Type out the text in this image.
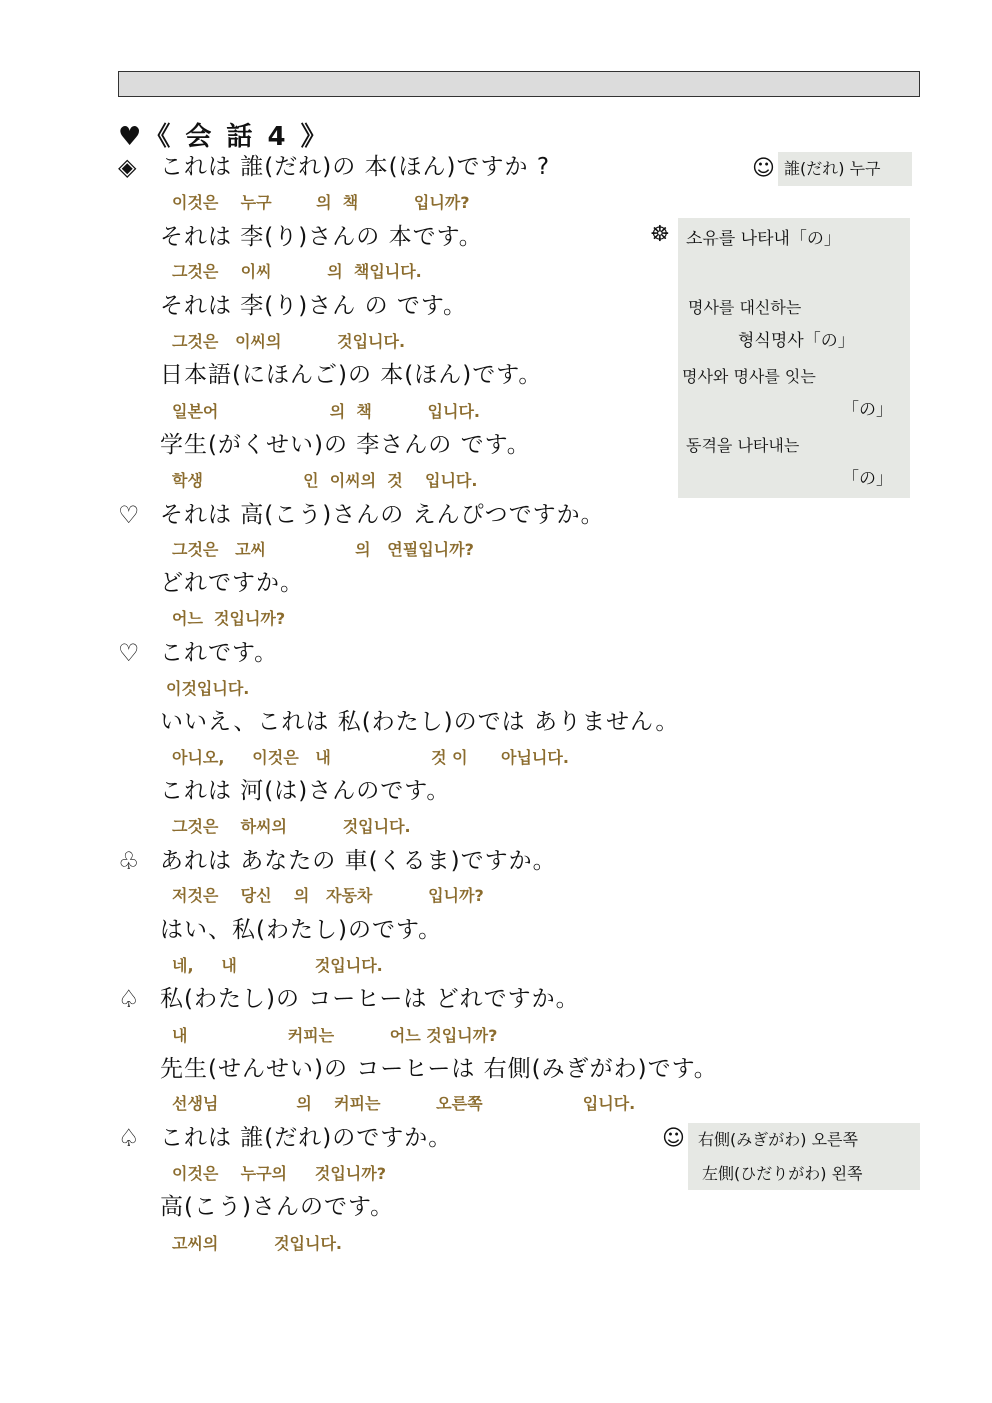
♥《 会 話 4 》
◈ これは 誰(だれ)の 本(ほん)ですか ?
이것은    누구        의  책          입니까?
それは 李(り)さんの 本です。
그것은    이씨          의  책입니다.
それは 李(り)さん の です。
그것은   이씨의          것입니다.
日本語(にほんご)の 本(ほん)です。
일본어                    의  책          입니다.
学生(がくせい)の 李さんの です。
학생                  인  이씨의  것    입니다.
♡ それは 高(こう)さんの えんぴつですか。
그것은   고씨                의   연필입니까?
どれですか。
어느  것입니까?
♡ これです。
이것입니다.
いいえ、これは 私(わたし)のでは ありません。
아니오,     이것은   내                  것 이      아닙니다.
これは 河(は)さんのです。
그것은    하씨의          것입니다.
♧ あれは あなたの 車(くるま)ですか。
저것은    당신    의   자동차          입니까?
はい、私(わたし)のです。
네,     내              것입니다.
♤ 私(わたし)の コーヒーは どれですか。
내                  커피는          어느 것입니까?
先生(せんせい)の コーヒーは 右側(みぎがわ)です。
선생님              의    커피는          오른쪽                  입니다.
♤ これは 誰(だれ)のですか。
이것은    누구의     것입니까?
高(こう)さんのです。
고씨의          것입니다.
☺

誰(だれ) 누구

☸

소유를 나타내「の」

명사를 대신하는

형식명사「の」

명사와 명사를 잇는

「の」

동격을 나타내는

「の」

☺

右側(みぎがわ) 오른쪽

左側(ひだりがわ) 왼쪽
